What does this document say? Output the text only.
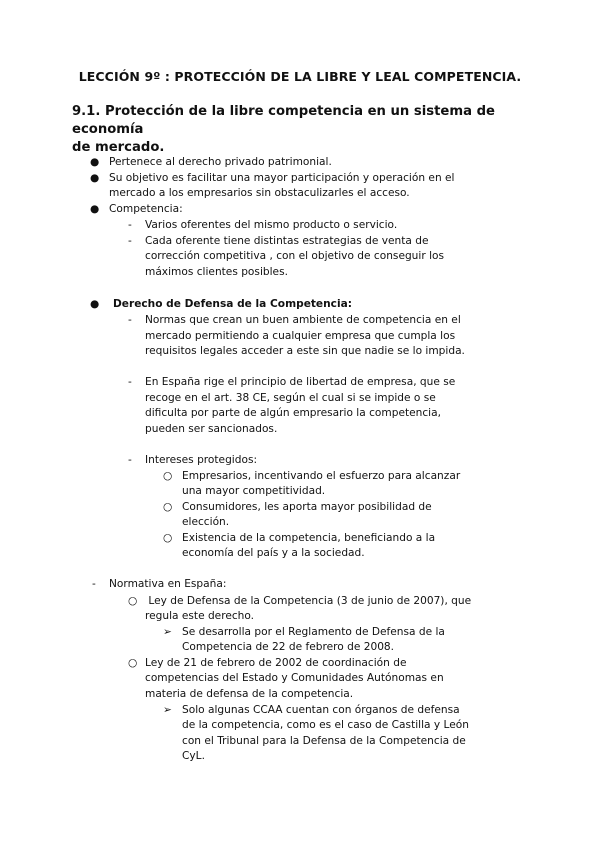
LECCIÓN 9º : PROTECCIÓN DE LA LIBRE Y LEAL COMPETENCIA.
9.1. Protección de la libre competencia en un sistema de economía
de mercado.
● Pertenece al derecho privado patrimonial.
● Su objetivo es facilitar una mayor participación y operación en el
mercado a los empresarios sin obstaculizarles el acceso.
● Competencia:
- Varios oferentes del mismo producto o servicio.
- Cada oferente tiene distintas estrategias de venta de
corrección competitiva , con el objetivo de conseguir los
máximos clientes posibles.
● Derecho de Defensa de la Competencia:
- Normas que crean un buen ambiente de competencia en el
mercado permitiendo a cualquier empresa que cumpla los
requisitos legales acceder a este sin que nadie se lo impida.
- En España rige el principio de libertad de empresa, que se
recoge en el art. 38 CE, según el cual si se impide o se
dificulta por parte de algún empresario la competencia,
pueden ser sancionados.
- Intereses protegidos:
○ Empresarios, incentivando el esfuerzo para alcanzar
una mayor competitividad.
○ Consumidores, les aporta mayor posibilidad de
elección.
○ Existencia de la competencia, beneficiando a la
economía del país y a la sociedad.
- Normativa en España:
○ Ley de Defensa de la Competencia (3 de junio de 2007), que
regula este derecho.
➢ Se desarrolla por el Reglamento de Defensa de la
Competencia de 22 de febrero de 2008.
○ Ley de 21 de febrero de 2002 de coordinación de
competencias del Estado y Comunidades Autónomas en
materia de defensa de la competencia.
➢ Solo algunas CCAA cuentan con órganos de defensa
de la competencia, como es el caso de Castilla y León
con el Tribunal para la Defensa de la Competencia de
CyL.
